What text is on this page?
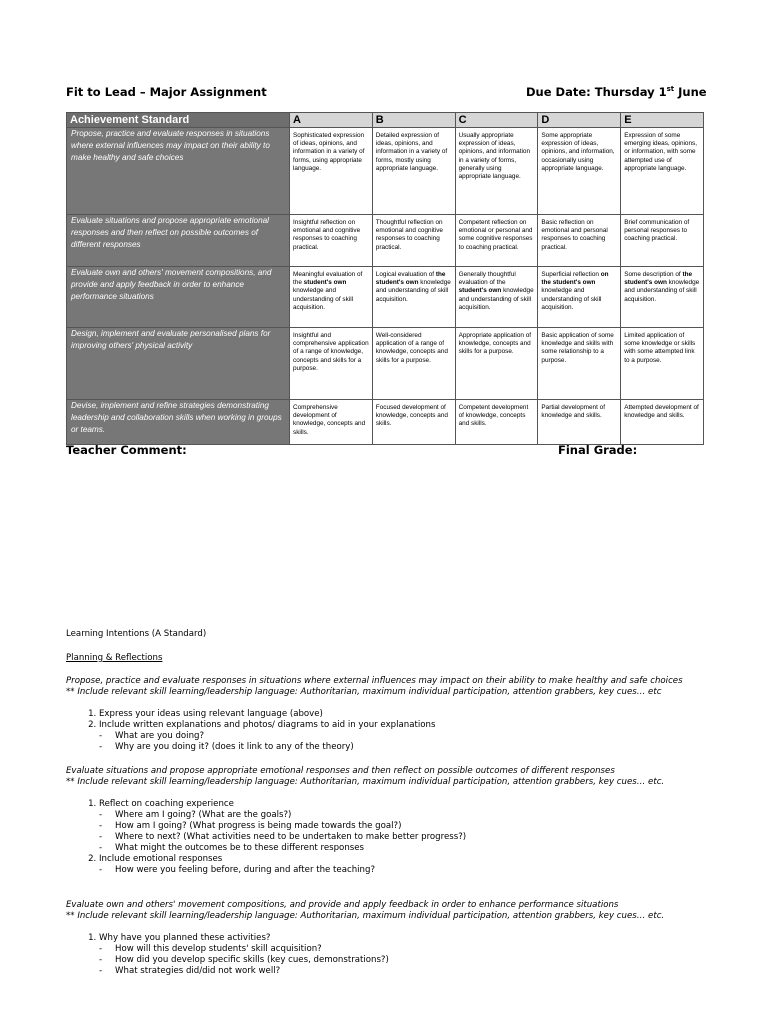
Fit to Lead – Major Assignment	Due Date: Thursday 1st June
Achievement Standard	A	B	C	D	E
Propose, practice and evaluate responses in situations where external influences may impact on their ability to make healthy and safe choices	Sophisticated expression of ideas, opinions, and information in a variety of forms, using appropriate language.	Detailed expression of ideas, opinions, and information in a variety of forms, mostly using appropriate language.	Usually appropriate expression of ideas, opinions, and information in a variety of forms, generally using appropriate language.	Some appropriate expression of ideas, opinions, and information, occasionally using appropriate language.	Expression of some emerging ideas, opinions, or information, with some attempted use of appropriate language.
Evaluate situations and propose appropriate emotional responses and then reflect on possible outcomes of different responses	Insightful reflection on emotional and cognitive responses to coaching practical.	Thoughtful reflection on emotional and cognitive responses to coaching practical.	Competent reflection on emotional or personal and some cognitive responses to coaching practical.	Basic reflection on emotional and personal responses to coaching practical.	Brief communication of personal responses to coaching practical.
Evaluate own and others' movement compositions, and provide and apply feedback in order to enhance performance situations	Meaningful evaluation of the student's own knowledge and understanding of skill acquisition.	Logical evaluation of the student's own knowledge and understanding of skill acquisition.	Generally thoughtful evaluation of the student's own knowledge and understanding of skill acquisition.	Superficial reflection on the student's own knowledge and understanding of skill acquisition.	Some description of the student's own knowledge and understanding of skill acquisition.
Design, implement and evaluate personalised plans for improving others' physical activity	Insightful and comprehensive application of a range of knowledge, concepts and skills for a purpose.	Well-considered application of a range of knowledge, concepts and skills for a purpose.	Appropriate application of knowledge, concepts and skills for a purpose.	Basic application of some knowledge and skills with some relationship to a purpose.	Limited application of some knowledge or skills with some attempted link to a purpose.
Devise, implement and refine strategies demonstrating leadership and collaboration skills when working in groups or teams.	Comprehensive development of knowledge, concepts and skills.	Focused development of knowledge, concepts and skills.	Competent development of knowledge, concepts and skills.	Partial development of knowledge and skills.	Attempted development of knowledge and skills.
Teacher Comment:	Final Grade:
Learning Intentions (A Standard)
Planning & Reflections
Propose, practice and evaluate responses in situations where external influences may impact on their ability to make healthy and safe choices
** Include relevant skill learning/leadership language: Authoritarian, maximum individual participation, attention grabbers, key cues… etc
1. Express your ideas using relevant language (above)
2. Include written explanations and photos/ diagrams to aid in your explanations
- What are you doing?
- Why are you doing it? (does it link to any of the theory)
Evaluate situations and propose appropriate emotional responses and then reflect on possible outcomes of different responses
** Include relevant skill learning/leadership language: Authoritarian, maximum individual participation, attention grabbers, key cues… etc.
1. Reflect on coaching experience
- Where am I going? (What are the goals?)
- How am I going? (What progress is being made towards the goal?)
- Where to next? (What activities need to be undertaken to make better progress?)
- What might the outcomes be to these different responses
2. Include emotional responses
- How were you feeling before, during and after the teaching?
Evaluate own and others' movement compositions, and provide and apply feedback in order to enhance performance situations
** Include relevant skill learning/leadership language: Authoritarian, maximum individual participation, attention grabbers, key cues… etc.
1. Why have you planned these activities?
- How will this develop students' skill acquisition?
- How did you develop specific skills (key cues, demonstrations?)
- What strategies did/did not work well?
